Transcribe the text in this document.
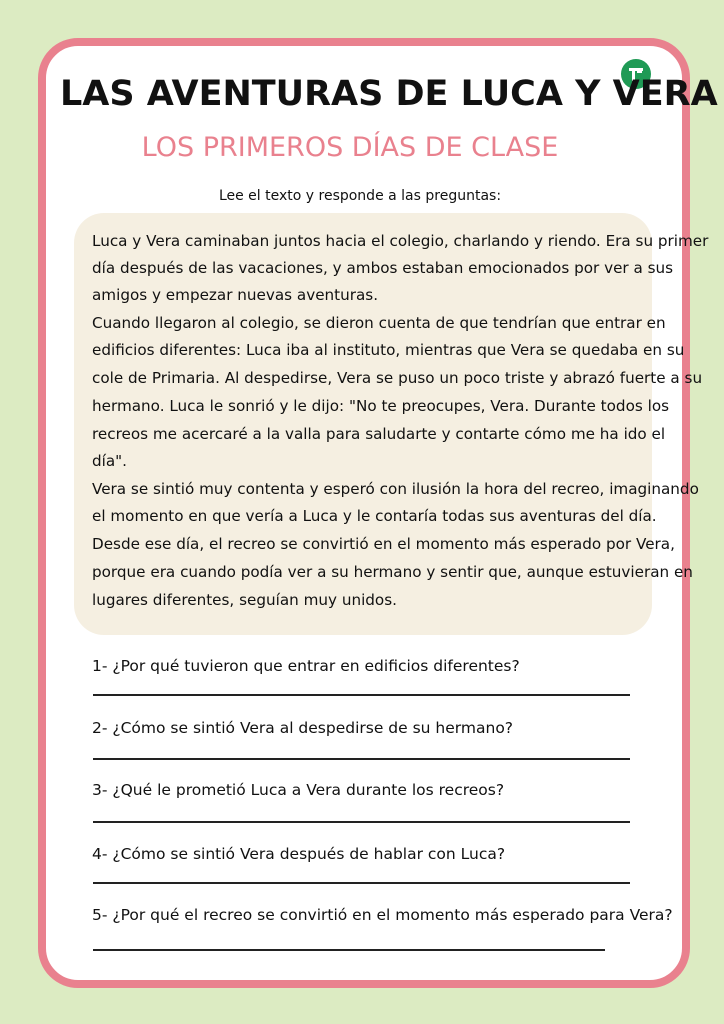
LAS AVENTURAS DE LUCA Y VERA
LOS PRIMEROS DÍAS DE CLASE
Lee el texto y responde a las preguntas:
Luca y Vera caminaban juntos hacia el colegio, charlando y riendo. Era su primer
día después de las vacaciones, y ambos estaban emocionados por ver a sus
amigos y empezar nuevas aventuras.
Cuando llegaron al colegio, se dieron cuenta de que tendrían que entrar en
edificios diferentes: Luca iba al instituto, mientras que Vera se quedaba en su
cole de Primaria. Al despedirse, Vera se puso un poco triste y abrazó fuerte a su
hermano. Luca le sonrió y le dijo: "No te preocupes, Vera. Durante todos los
recreos me acercaré a la valla para saludarte y contarte cómo me ha ido el
día".
Vera se sintió muy contenta y esperó con ilusión la hora del recreo, imaginando
el momento en que vería a Luca y le contaría todas sus aventuras del día.
Desde ese día, el recreo se convirtió en el momento más esperado por Vera,
porque era cuando podía ver a su hermano y sentir que, aunque estuvieran en
lugares diferentes, seguían muy unidos.
1- ¿Por qué tuvieron que entrar en edificios diferentes?
2- ¿Cómo se sintió Vera al despedirse de su hermano?
3- ¿Qué le prometió Luca a Vera durante los recreos?
4- ¿Cómo se sintió Vera después de hablar con Luca?
5- ¿Por qué el recreo se convirtió en el momento más esperado para Vera?
